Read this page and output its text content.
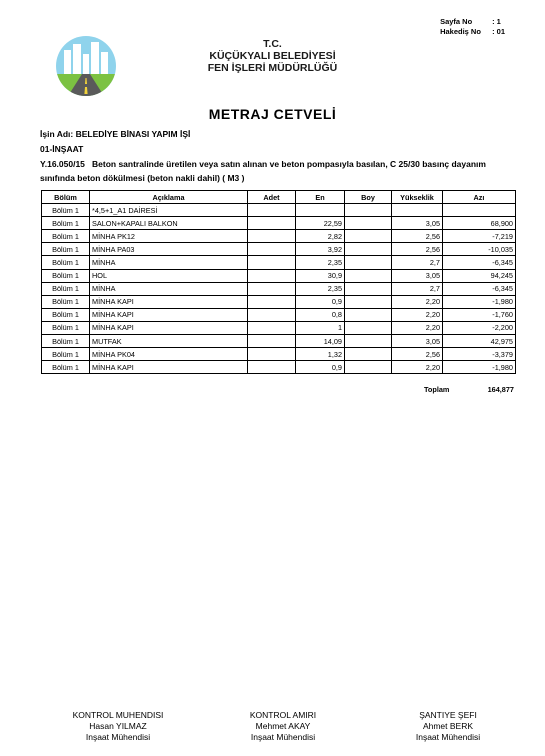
Sayfa No	: 1
Hakediş No	: 01
T.C.
KÜÇÜKYALI BELEDİYESİ
FEN İŞLERİ MÜDÜRLÜĞÜ
METRAJ CETVELİ
İşin Adı: BELEDİYE BİNASI YAPIM İŞİ
01-İNŞAAT
Y.16.050/15 Beton santralinde üretilen veya satın alınan ve beton pompasıyla basılan, C 25/30 basınç dayanım sınıfında beton dökülmesi (beton nakli dahil) ( M3 )
Bölüm	Açıklama	Adet	En	Boy	Yükseklik	Azı
Bölüm 1	*4,5+1_A1 DAİRESİ					
Bölüm 1	SALON+KAPALI BALKON		22,59		3,05	68,900
Bölüm 1	MİNHA PK12		2,82		2,56	-7,219
Bölüm 1	MİNHA PA03		3,92		2,56	-10,035
Bölüm 1	MİNHA		2,35		2,7	-6,345
Bölüm 1	HOL		30,9		3,05	94,245
Bölüm 1	MİNHA		2,35		2,7	-6,345
Bölüm 1	MİNHA KAPI		0,9		2,20	-1,980
Bölüm 1	MİNHA KAPI		0,8		2,20	-1,760
Bölüm 1	MİNHA KAPI		1		2,20	-2,200
Bölüm 1	MUTFAK		14,09		3,05	42,975
Bölüm 1	MİNHA PK04		1,32		2,56	-3,379
Bölüm 1	MİNHA KAPI		0,9		2,20	-1,980
Toplam	164,877
KONTROL MUHENDISI
Hasan YILMAZ
Inşaat Mühendisi
KONTROL AMIRI
Mehmet AKAY
Inşaat Mühendisi
ŞANTIYE ŞEFI
Ahmet BERK
Inşaat Mühendisi
